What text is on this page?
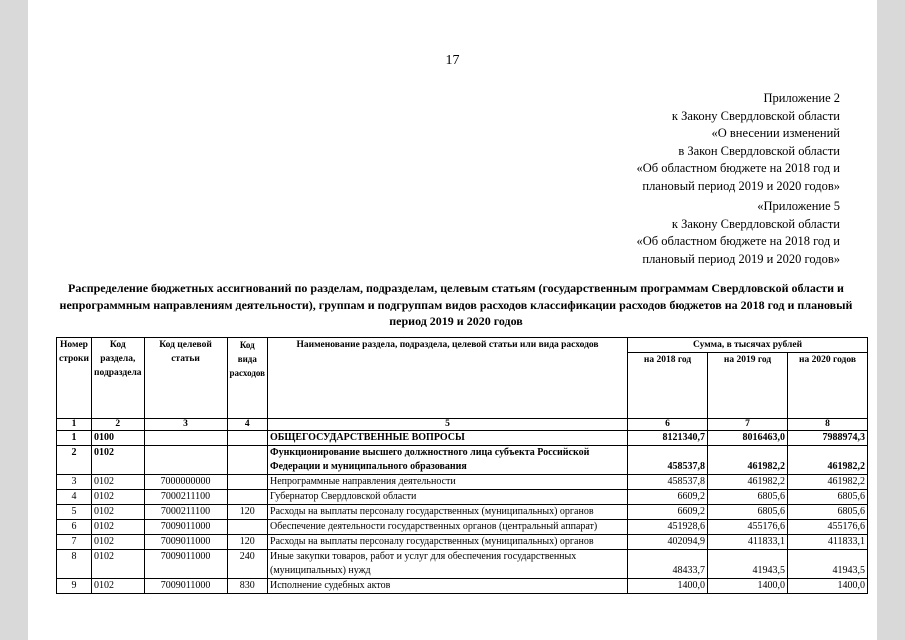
17
Приложение 2
к Закону Свердловской области
«О внесении изменений
в Закон Свердловской области
«Об областном бюджете на 2018 год и
плановый период 2019 и 2020 годов»
«Приложение 5
к Закону Свердловской области
«Об областном бюджете на 2018 год и
плановый период 2019 и 2020 годов»
Распределение бюджетных ассигнований по разделам, подразделам, целевым статьям (государственным программам Свердловской области и непрограммным направлениям деятельности), группам и подгруппам видов расходов классификации расходов бюджетов на 2018 год и плановый период 2019 и 2020 годов
Номер строки	Код раздела, подраздела	Код целевой статьи	Код вида расходов	Наименование раздела, подраздела, целевой статьи или вида расходов	Сумма, в тысячах рублей		
					на 2018 год	на 2019 год	на 2020 годов
1	2	3	4	5	6	7	8
1	0100			ОБЩЕГОСУДАРСТВЕННЫЕ ВОПРОСЫ	8121340,7	8016463,0	7988974,3
2	0102			Функционирование высшего должностного лица субъекта Российской Федерации и муниципального образования	458537,8	461982,2	461982,2
3	0102	7000000000		Непрограммные направления деятельности	458537,8	461982,2	461982,2
4	0102	7000211100		Губернатор Свердловской области	6609,2	6805,6	6805,6
5	0102	7000211100	120	Расходы на выплаты персоналу государственных (муниципальных) органов	6609,2	6805,6	6805,6
6	0102	7009011000		Обеспечение деятельности государственных органов (центральный аппарат)	451928,6	455176,6	455176,6
7	0102	7009011000	120	Расходы на выплаты персоналу государственных (муниципальных) органов	402094,9	411833,1	411833,1
8	0102	7009011000	240	Иные закупки товаров, работ и услуг для обеспечения государственных (муниципальных) нужд	48433,7	41943,5	41943,5
9	0102	7009011000	830	Исполнение судебных актов	1400,0	1400,0	1400,0
